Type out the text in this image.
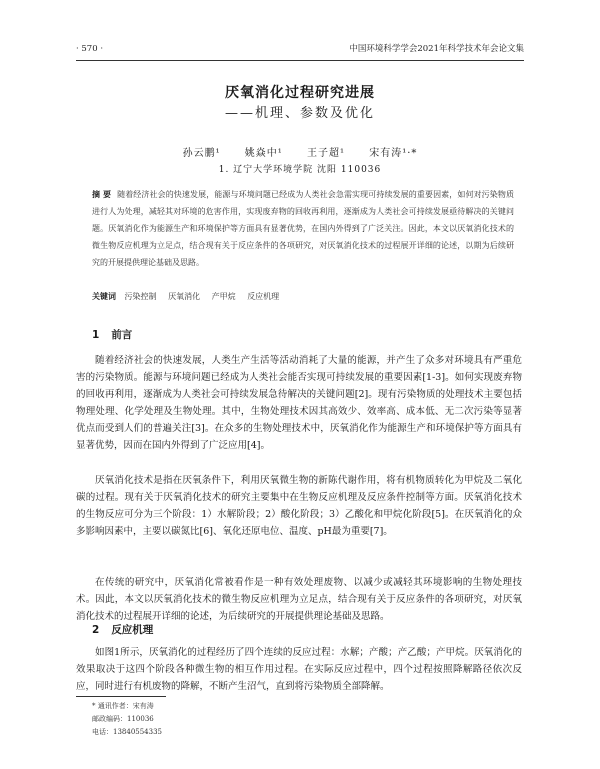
· 570 ·	中国环境科学学会2021年科学技术年会论文集
厌氧消化过程研究进展
——机理、参数及优化
孙云鹏¹ 姚焱中¹ 王子超¹ 宋有涛¹·*
1. 辽宁大学环境学院 沈阳 110036
摘 要 随着经济社会的快速发展，能源与环境问题已经成为人类社会急需实现可持续发展的重要因素，如何对污染物质进行人为处理，减轻其对环境的危害作用，实现废弃物的回收再利用，逐渐成为人类社会可持续发展亟待解决的关键问题。厌氧消化作为能源生产和环境保护等方面具有显著优势，在国内外得到了广泛关注。因此，本文以厌氧消化技术的微生物反应机理为立足点，结合现有关于反应条件的各项研究，对厌氧消化技术的过程展开详细的论述，以期为后续研究的开展提供理论基础及思路。
关键词 污染控制 厌氧消化 产甲烷 反应机理
1 前言
随着经济社会的快速发展，人类生产生活等活动消耗了大量的能源，并产生了众多对环境具有严重危害的污染物质。能源与环境问题已经成为人类社会能否实现可持续发展的重要因素[1-3]。如何实现废弃物的回收再利用，逐渐成为人类社会可持续发展急待解决的关键问题[2]。现有污染物质的处理技术主要包括物理处理、化学处理及生物处理。其中，生物处理技术因其高效少、效率高、成本低、无二次污染等显著优点而受到人们的普遍关注[3]。在众多的生物处理技术中，厌氧消化作为能源生产和环境保护等方面具有显著优势，因而在国内外得到了广泛应用[4]。
厌氧消化技术是指在厌氧条件下，利用厌氧微生物的新陈代谢作用，将有机物质转化为甲烷及二氧化碳的过程。现有关于厌氧消化技术的研究主要集中在生物反应机理及反应条件控制等方面。厌氧消化技术的生物反应可分为三个阶段：1）水解阶段；2）酸化阶段；3）乙酸化和甲烷化阶段[5]。在厌氧消化的众多影响因素中，主要以碳氮比[6]、氧化还原电位、温度、pH最为重要[7]。
在传统的研究中，厌氧消化常被看作是一种有效处理废物、以减少或减轻其环境影响的生物处理技术。因此，本文以厌氧消化技术的微生物反应机理为立足点，结合现有关于反应条件的各项研究，对厌氧消化技术的过程展开详细的论述，为后续研究的开展提供理论基础及思路。
2 反应机理
如图1所示，厌氧消化的过程经历了四个连续的反应过程：水解；产酸；产乙酸；产甲烷。厌氧消化的效果取决于这四个阶段各种微生物的相互作用过程。在实际反应过程中，四个过程按照降解路径依次反应，同时进行有机废物的降解，不断产生沼气，直到将污染物质全部降解。
* 通讯作者：宋有涛
邮政编码：110036
电话：13840554335
